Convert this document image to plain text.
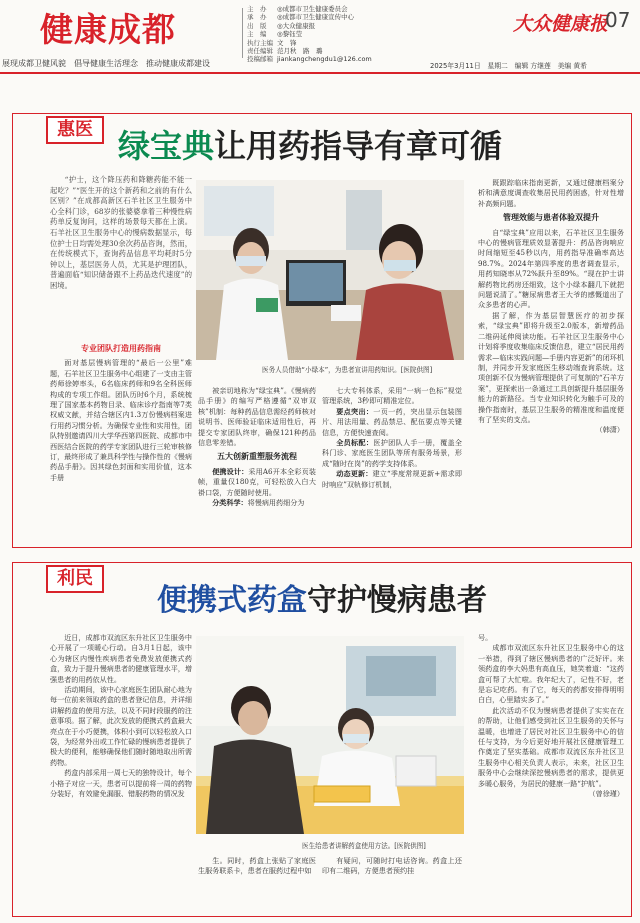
健康成都
主　办	◎成都市卫生健康委员会
承　办	◎成都市卫生健康宣传中心
出　版	◎大众健康报
主　编	◎黎钰莹
执行主编 文　锋
责任编辑 范月秋　路　璐
投稿邮箱 jiankangchengdu1@126.com
大众健康报
07
展现成都卫健风貌　倡导健康生活理念　推动健康成都建设	2025年3月11日　星期二　编辑 方继莲　美编 黄希
惠医 绿宝典让用药指导有章可循

“护士，这个降压药和降糖药能不能一起吃？”“医生开的这个新药和之前的有什么区别？”在成都高新区石羊社区卫生服务中心全科门诊，68岁的张婆婆拿着三种慢性病药单反复询问，这样的场景每天都在上演。石羊社区卫生服务中心的慢病数据显示，每位护士日均需处理30余次药品咨询，然而，在传统模式下，查询药品信息平均耗时5分钟以上，基层医务人员，尤其是护理团队，普遍面临“知识储备跟不上药品迭代速度”的困境。

医务人员借助“小绿本”，为患者宣讲用药知识。[医院供图]

专业团队打造用药指南

面对基层慢病管理的“最后一公里”难题，石羊社区卫生服务中心组建了一支由主管药师徐婷率头，6名临床药师和9名全科医师构成的专项工作组。团队历时6个月，系统梳理了国家基本药物目录、临床诊疗指南等7类权威文献，并结合辖区内1.3万份慢病档案进行用药习惯分析。为确保专业性和实用性，团队特别邀请四川大学华西第四医院、成都市中西医结合医院的药学专家团队进行三轮审核修订，最终形成了兼具科学性与操作性的《慢病药品手册》。因其绿色封面和实用价值，这本手册

被亲切地称为“绿宝典”。《慢病药品手册》的编写严格遵循“双审双核”机制：每种药品信息需经药师核对说明书、医师验证临床适用性后，再提交专家团队终审，确保121种药品信息零差错。

五大创新重塑服务流程

便携设计：采用A6开本全彩页装帧，重量仅180克，可轻松放入白大褂口袋，方便随时使用。

分类科学：将慢病用药细分为

七大专科体系，采用“一病一色标”视觉管理系统，3秒即可精准定位。

要点突出：一页一药，突出显示包装图片、用法用量、药品禁忌、配伍要点等关键信息，方便快速查阅。

全员标配：医护团队人手一册，覆盖全科门诊、家庭医生团队等所有服务场景，形成“随时在岗”的药学支持体系。

动态更新：建立“季度常规更新+需求即时响应”双轨修订机制，

既跟踪临床指南更新，又通过健康档案分析和满意度调查收集居民用药困惑，针对性增补高频问题。

管理效能与患者体验双提升

自“绿宝典”应用以来，石羊社区卫生服务中心的慢病管理质效显著提升：药品咨询响应时间缩短至45秒以内，用药指导准确率高达98.7%。2024年第四季度的患者调查显示，用药知晓率从72%跃升至89%。“现在护士讲解药物比药房还细致，这个小绿本翻几下就把问题说清了。”糖尿病患者王大爷的感慨道出了众多患者的心声。

据了解，作为基层智慧医疗的初步探索，“绿宝典”即将升级至2.0版本，新增药品二维码延伸阅读功能。石羊社区卫生服务中心计划将季度收集临床反馈信息，建立“居民用药需求—临床实践问题—手册内容更新”的闭环机制，并同步开发家庭医生移动端查询系统。这项创新不仅为慢病管理提供了可复制的“石羊方案”，更探索出一条通过工具创新提升基层服务能力的新路径。当专业知识转化为触手可及的操作指南时，基层卫生服务的精准度和温度便有了坚实的支点。

（韩潇）

利民
便携式药盒守护慢病患者

近日，成都市双流区东升社区卫生服务中心开展了一项暖心行动。自3月1日起，该中心为辖区内慢性疾病患者免费发放便携式药盒，致力于提升慢病患者的健康管理水平，增强患者的用药依从性。

活动期间，该中心家庭医生团队耐心地为每一位前来领取药盒的患者登记信息，并详细讲解药盒的使用方法，以及不同时段服药的注意事项。据了解，此次发放的便携式药盒最大亮点在于小巧便携，体积小到可以轻松放入口袋，为经常外出或工作忙碌的慢病患者提供了极大的便利，能够确保他们随时随地取出所需药物。

药盒内部采用一周七天的独特设计，每个小格子对应一天，患者可以提前将一周的药物分装好，有效避免漏服、错服药物的情况发

医生给患者讲解药盒使用方法。[医院供图]

生。同时，药盒上张贴了家庭医生服务联系卡，患者在服药过程中如

有疑问，可随时打电话咨询。药盒上还印有二维码，方便患者预约挂

号。

成都市双流区东升社区卫生服务中心的这一举措，得到了辖区慢病患者的广泛好评。来领药盒的李大妈患有高血压，她笑着道：“这药盒可帮了大忙啦。我年纪大了，记性不好，老是忘记吃药。有了它，每天的药都安排得明明白白，心里踏实多了。”

此次活动不仅为慢病患者提供了实实在在的帮助，让他们感受到社区卫生服务的关怀与温暖，也增进了居民对社区卫生服务中心的信任与支持，为今后更好地开展社区健康管理工作奠定了坚实基础。成都市双流区东升社区卫生服务中心相关负责人表示，未来，社区卫生服务中心会继续深挖慢病患者的需求，提供更多暖心服务，为居民的健康一路“护航”。

（曾徐瑾）
